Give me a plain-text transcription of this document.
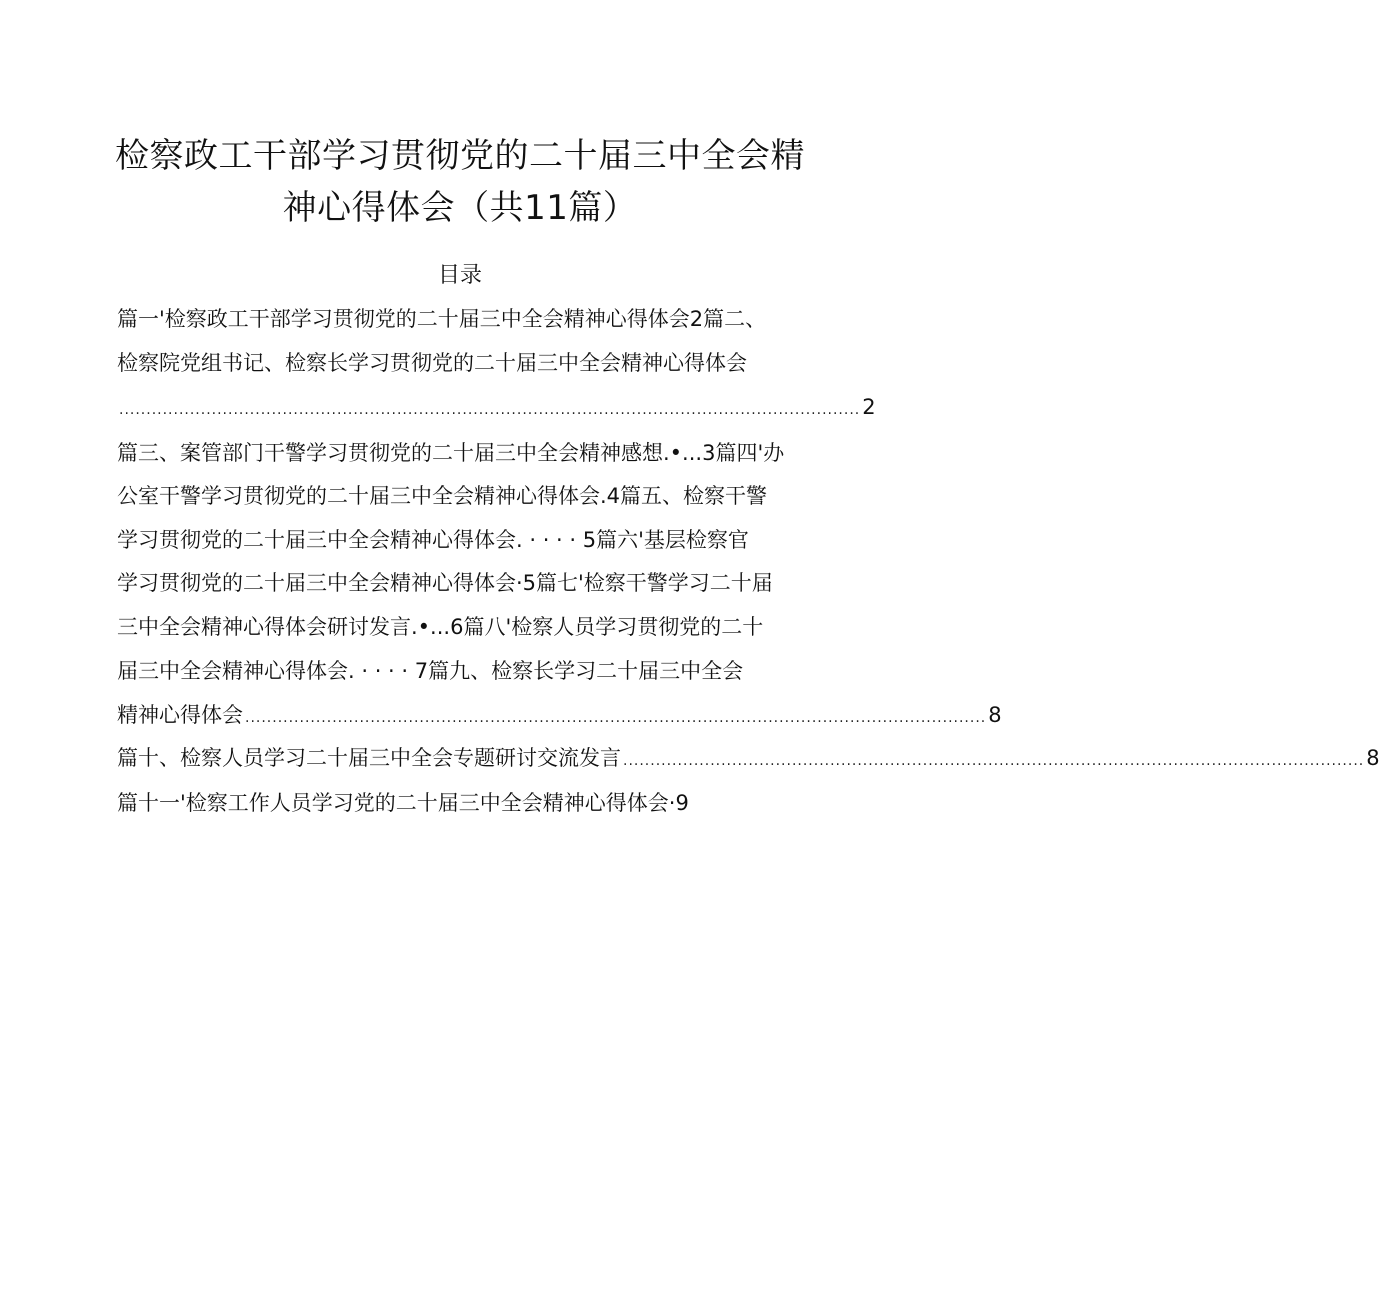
检察政工干部学习贯彻党的二十届三中全会精
神心得体会（共11篇）
目录
篇一'检察政工干部学习贯彻党的二十届三中全会精神心得体会2篇二、
检察院党组书记、检察长学习贯彻党的二十届三中全会精神心得体会
........................................................................................................................................ 2
篇三、案管部门干警学习贯彻党的二十届三中全会精神感想.•...3篇四'办
公室干警学习贯彻党的二十届三中全会精神心得体会.4篇五、检察干警
学习贯彻党的二十届三中全会精神心得体会. · · · · 5篇六'基层检察官
学习贯彻党的二十届三中全会精神心得体会·5篇七'检察干警学习二十届
三中全会精神心得体会研讨发言.•...6篇八'检察人员学习贯彻党的二十
届三中全会精神心得体会. · · · · 7篇九、检察长学习二十届三中全会
精神心得体会 ........................................................................................................................................ 8
篇十、检察人员学习二十届三中全会专题研讨交流发言 ........................................................................................................................................ 8
篇十一'检察工作人员学习党的二十届三中全会精神心得体会·9
